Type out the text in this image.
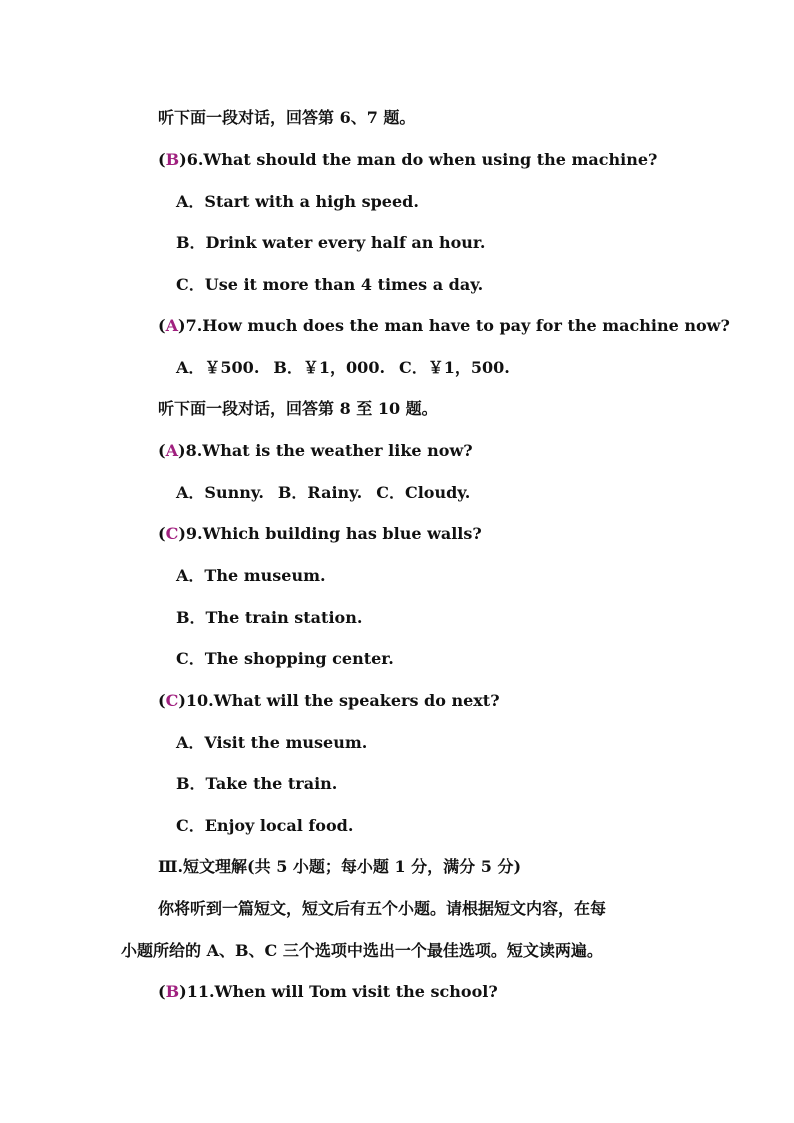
听下面一段对话，回答第 6、7 题。
(B)6.What should the man do when using the machine?
A．Start with a high speed.
B．Drink water every half an hour.
C．Use it more than 4 times a day.
(A)7.How much does the man have to pay for the machine now?
A．￥500. B．￥1，000. C．￥1，500.
听下面一段对话，回答第 8 至 10 题。
(A)8.What is the weather like now?
A．Sunny. B．Rainy. C．Cloudy.
(C)9.Which building has blue walls?
A．The museum.
B．The train station.
C．The shopping center.
(C)10.What will the speakers do next?
A．Visit the museum.
B．Take the train.
C．Enjoy local food.
Ⅲ.短文理解(共 5 小题；每小题 1 分，满分 5 分)
你将听到一篇短文，短文后有五个小题。请根据短文内容，在每
小题所给的 A、B、C 三个选项中选出一个最佳选项。短文读两遍。
(B)11.When will Tom visit the school?
